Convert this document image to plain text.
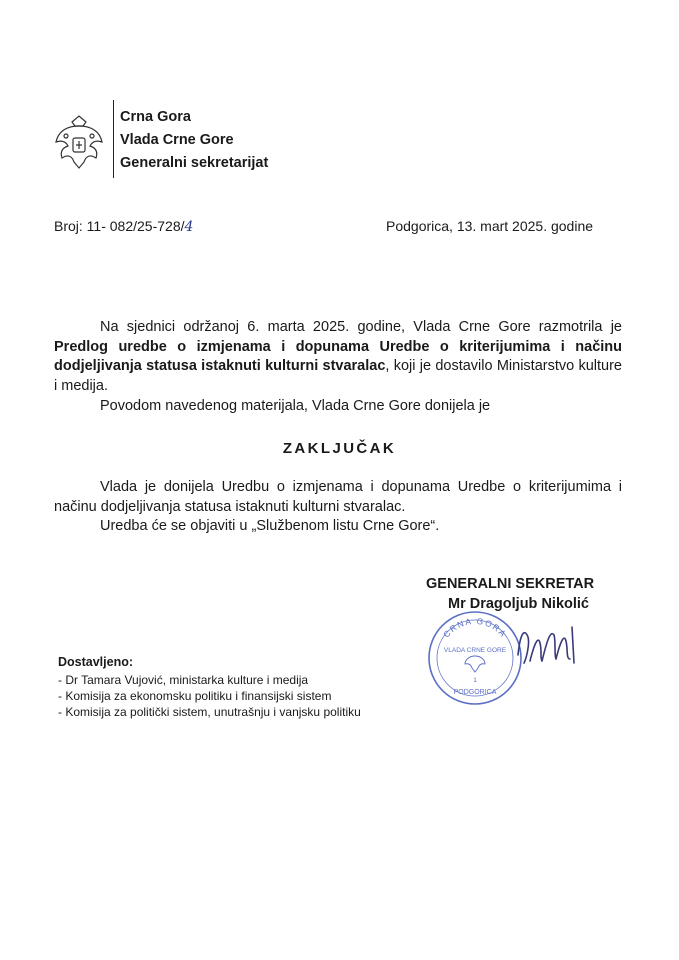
Crna Gora
Vlada Crne Gore
Generalni sekretarijat
Broj: 11- 082/25-728/4	Podgorica, 13. mart 2025. godine
Na sjednici održanoj 6. marta 2025. godine, Vlada Crne Gore razmotrila je Predlog uredbe o izmjenama i dopunama Uredbe o kriterijumima i načinu dodjeljivanja statusa istaknuti kulturni stvaralac, koji je dostavilo Ministarstvo kulture i medija.
Povodom navedenog materijala, Vlada Crne Gore donijela je
ZAKLJUČAK
Vlada je donijela Uredbu o izmjenama i dopunama Uredbe o kriterijumima i načinu dodjeljivanja statusa istaknuti kulturni stvaralac.
Uredba će se objaviti u „Službenom listu Crne Gore“.
GENERALNI SEKRETAR
Mr Dragoljub Nikolić
CRNA GORA
VLADA CRNE GORE
1
PODGORICA
Dostavljeno:
- Dr Tamara Vujović, ministarka kulture i medija
- Komisija za ekonomsku politiku i finansijski sistem
- Komisija za politički sistem, unutrašnju i vanjsku politiku
